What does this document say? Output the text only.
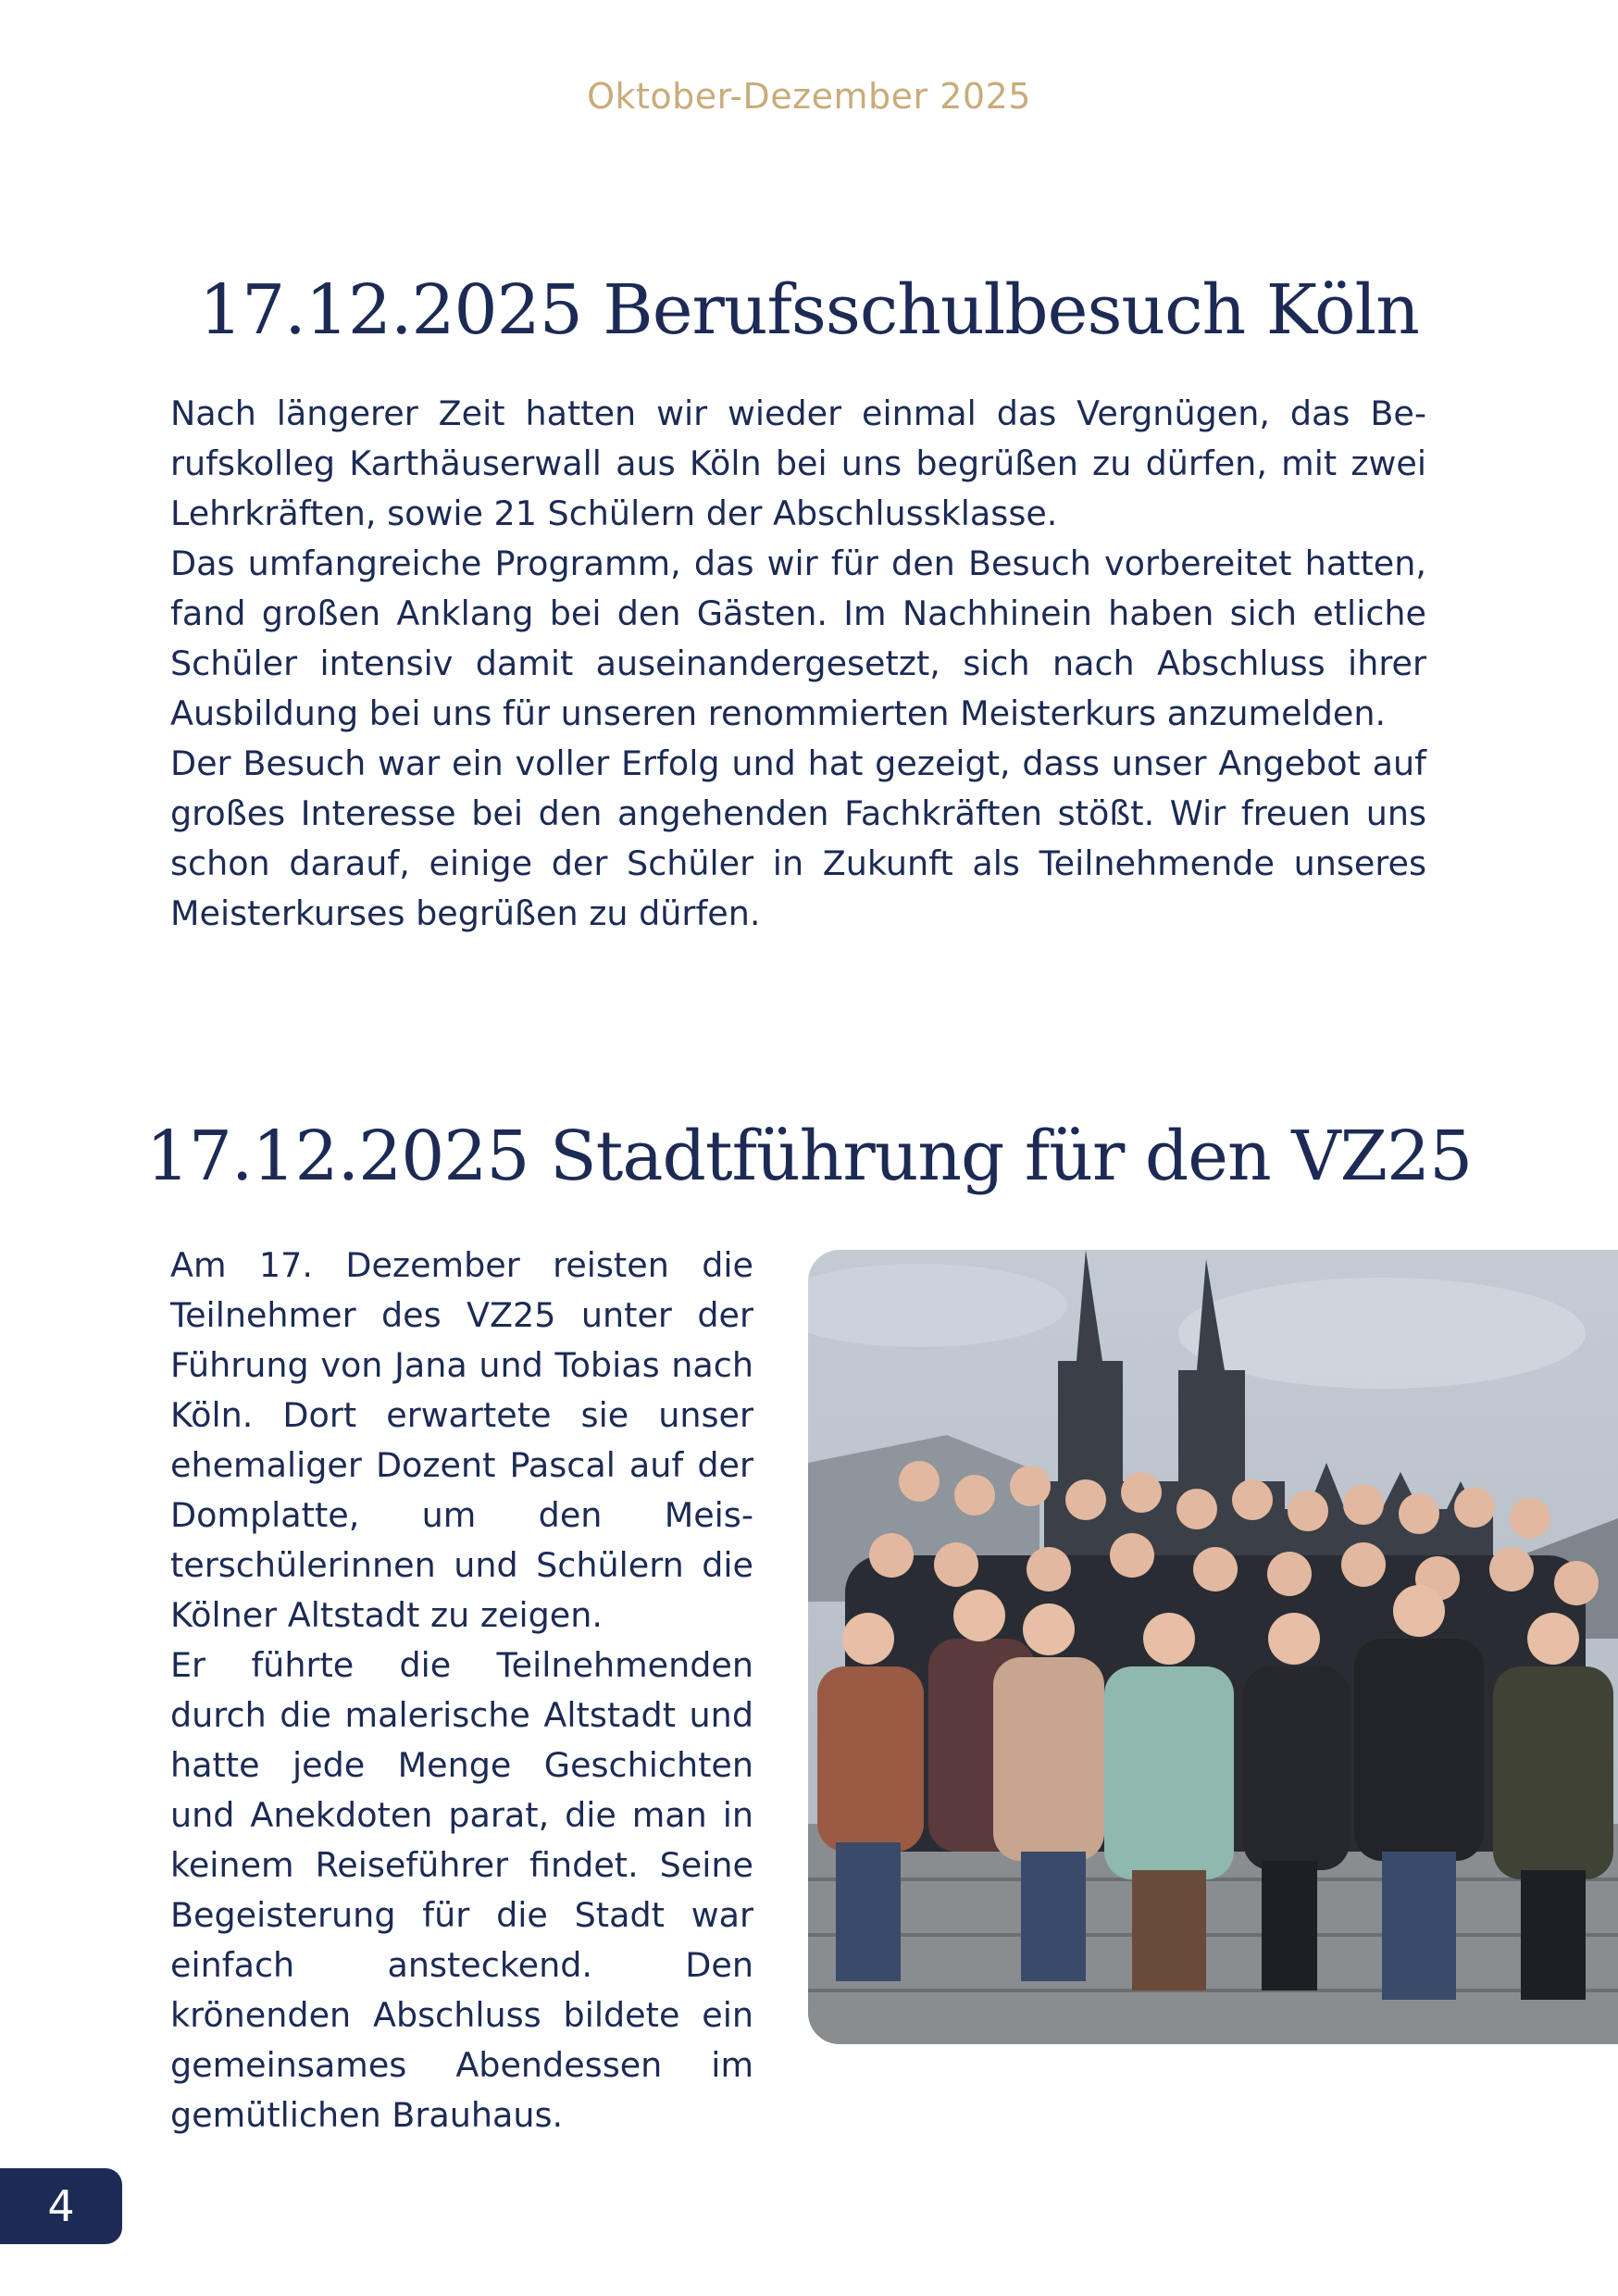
Oktober-Dezember 2025
17.12.2025 Berufsschulbesuch Köln

Nach längerer Zeit hatten wir wieder einmal das Vergnügen, das Berufskolleg Karthäuserwall aus Köln bei uns begrüßen zu dürfen, mit zwei Lehrkräften, sowie 21 Schülern der Abschlussklasse.

Das umfangreiche Programm, das wir für den Besuch vorbereitet hatten, fand großen Anklang bei den Gästen. Im Nachhinein haben sich etliche Schüler intensiv damit auseinandergesetzt, sich nach Abschluss ihrer Ausbildung bei uns für unseren renommierten Meisterkurs anzumelden.

Der Besuch war ein voller Erfolg und hat gezeigt, dass unser Angebot auf großes Interesse bei den angehenden Fachkräften stößt. Wir freuen uns schon darauf, einige der Schüler in Zukunft als Teilnehmende unseres Meisterkurses begrüßen zu dürfen.

17.12.2025 Stadtführung für den VZ25

Am 17. Dezember reisten die Teilnehmer des VZ25 unter der Führung von Jana und Tobias nach Köln. Dort erwartete sie unser ehemaliger Dozent Pascal auf der Domplatte, um den Meisterschülerinnen und Schülern die Kölner Altstadt zu zeigen.

Er führte die Teilnehmenden durch die malerische Altstadt und hatte jede Menge Geschichten und Anekdoten parat, die man in keinem Reiseführer findet. Seine Begeisterung für die Stadt war einfach ansteckend. Den krönenden Abschluss bildete ein gemeinsames Abendessen im gemütlichen Brauhaus.

4
